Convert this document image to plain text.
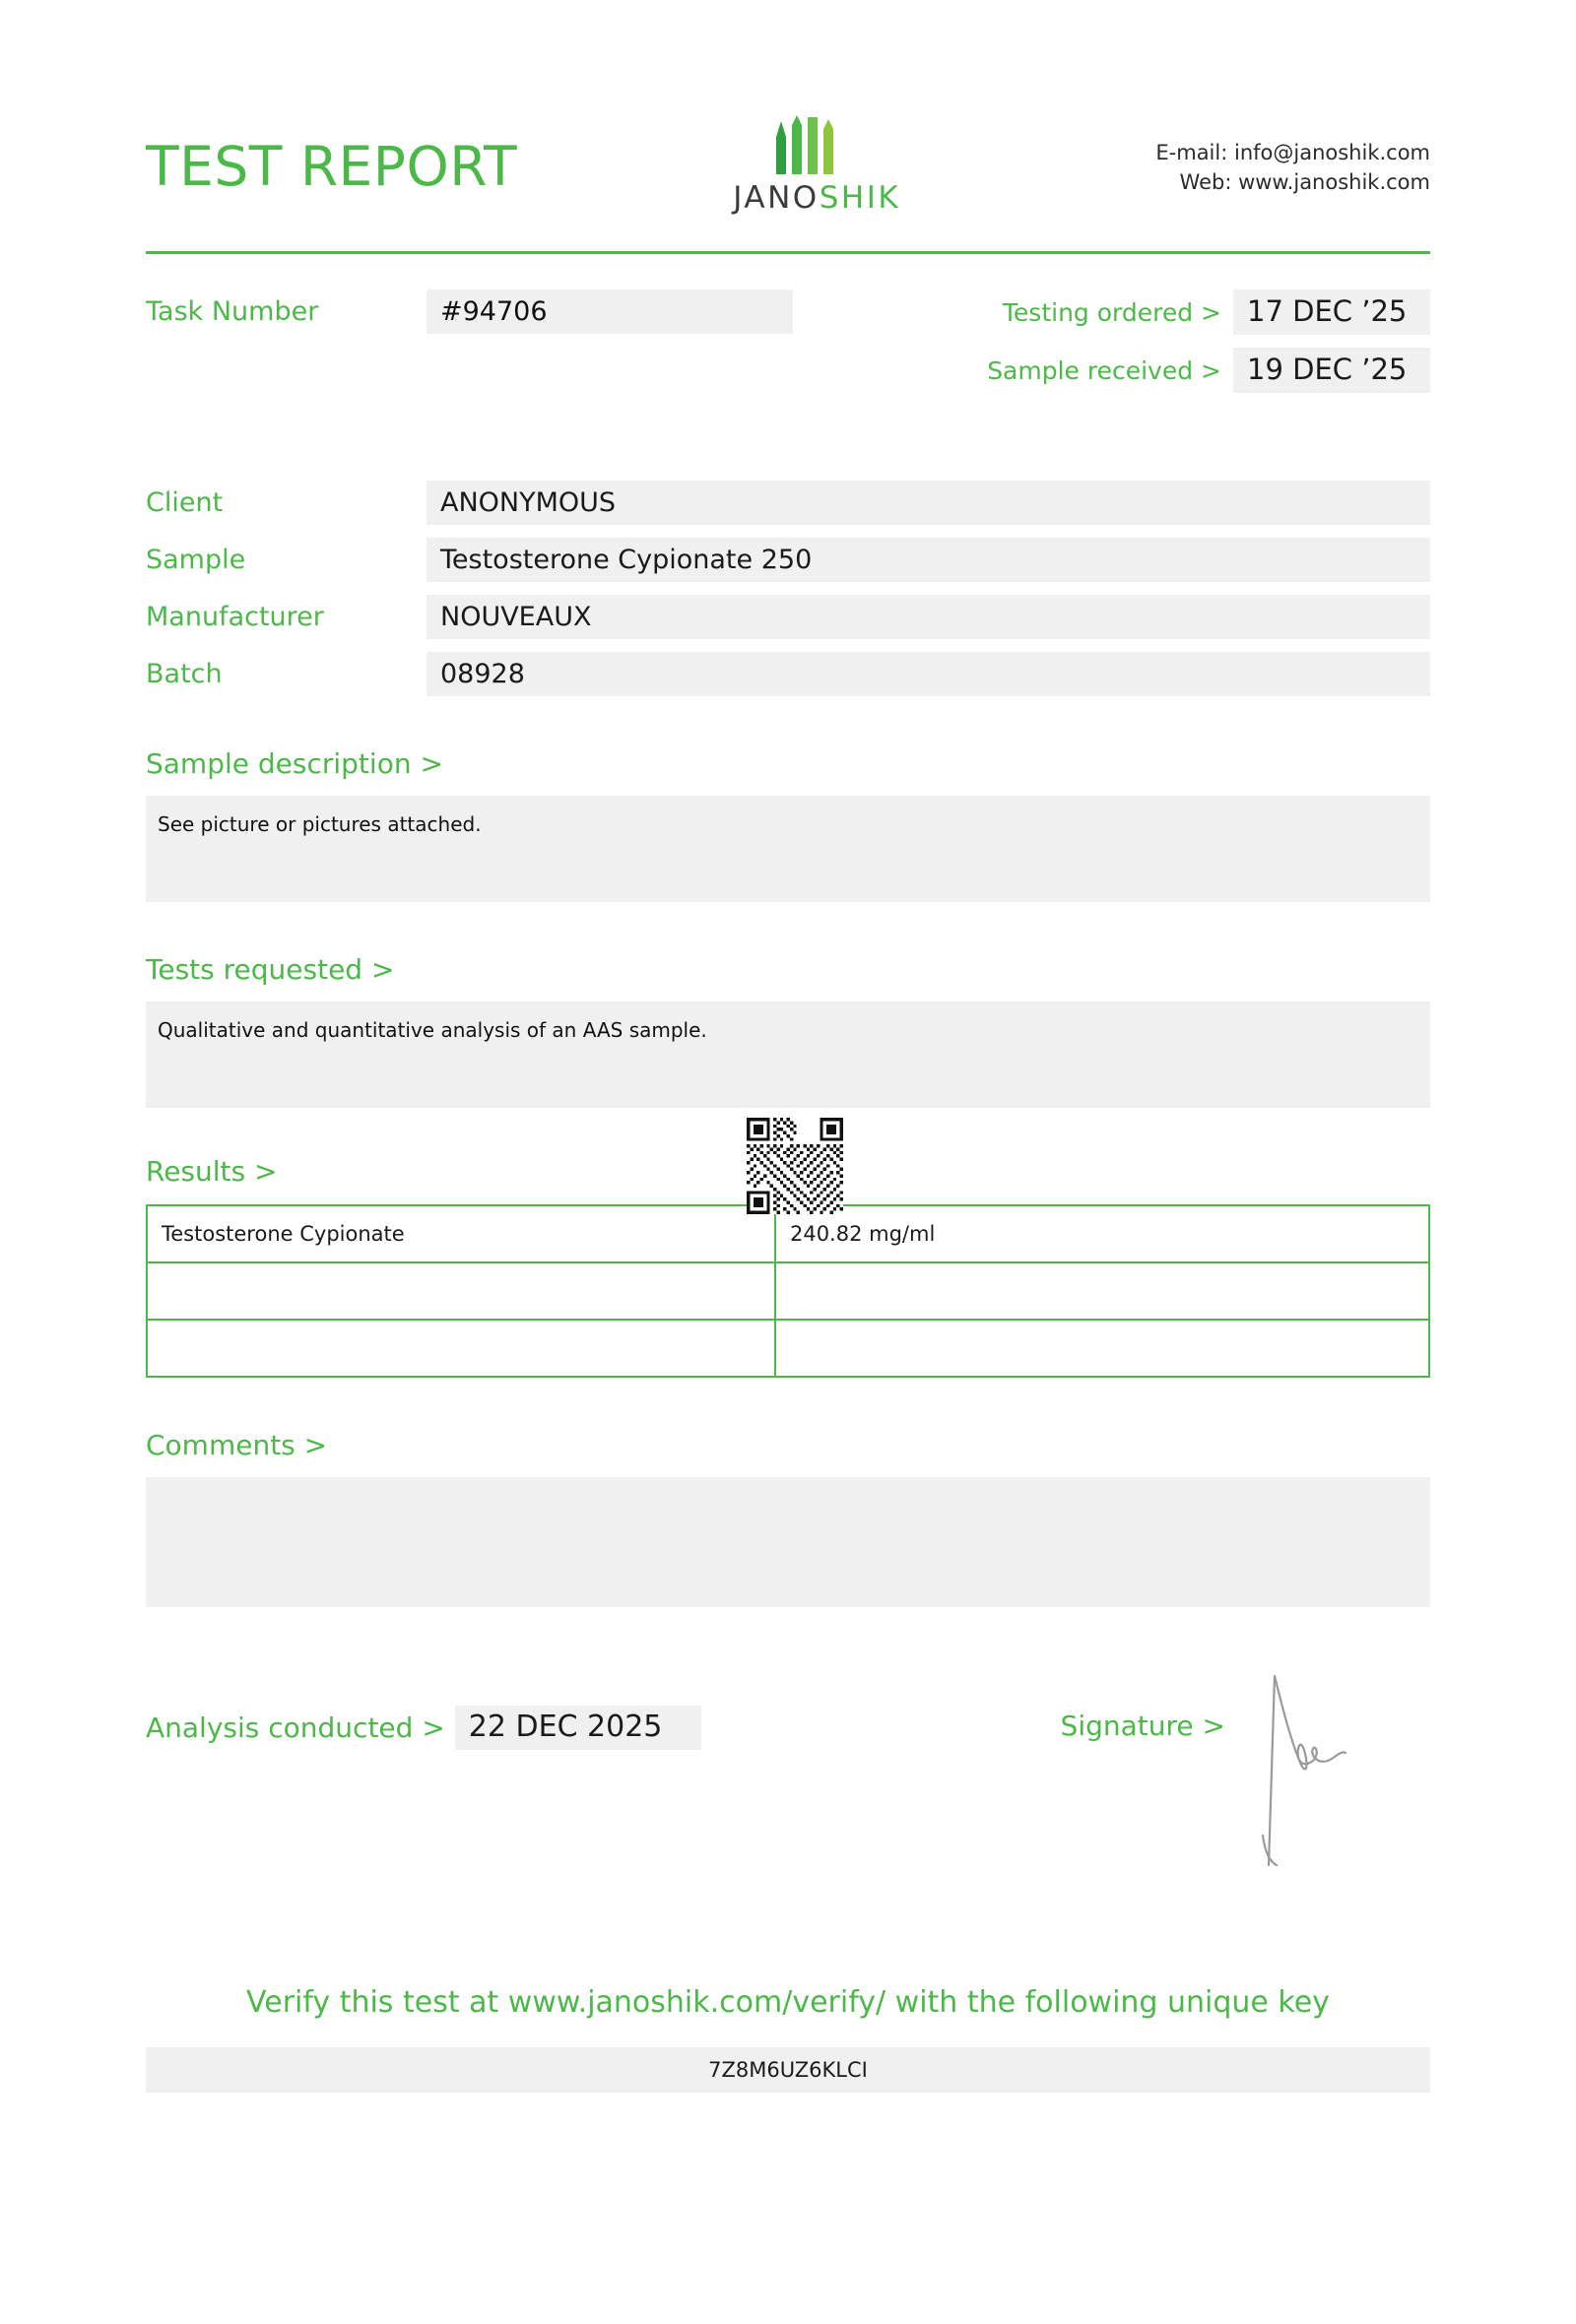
TEST REPORT	JANOSHIK
E-mail: info@janoshik.com
Web: www.janoshik.com
Task Number	#94706	Testing ordered > 17 DEC ’25
Sample received > 19 DEC ’25
Client	ANONYMOUS
Sample	Testosterone Cypionate 250
Manufacturer	NOUVEAUX
Batch	08928
Sample description >
See picture or pictures attached.
Tests requested >
Qualitative and quantitative analysis of an AAS sample.
Results >
Testosterone Cypionate	240.82 mg/ml

Comments >
Analysis conducted > 22 DEC 2025	Signature >
Verify this test at www.janoshik.com/verify/ with the following unique key
7Z8M6UZ6KLCI
